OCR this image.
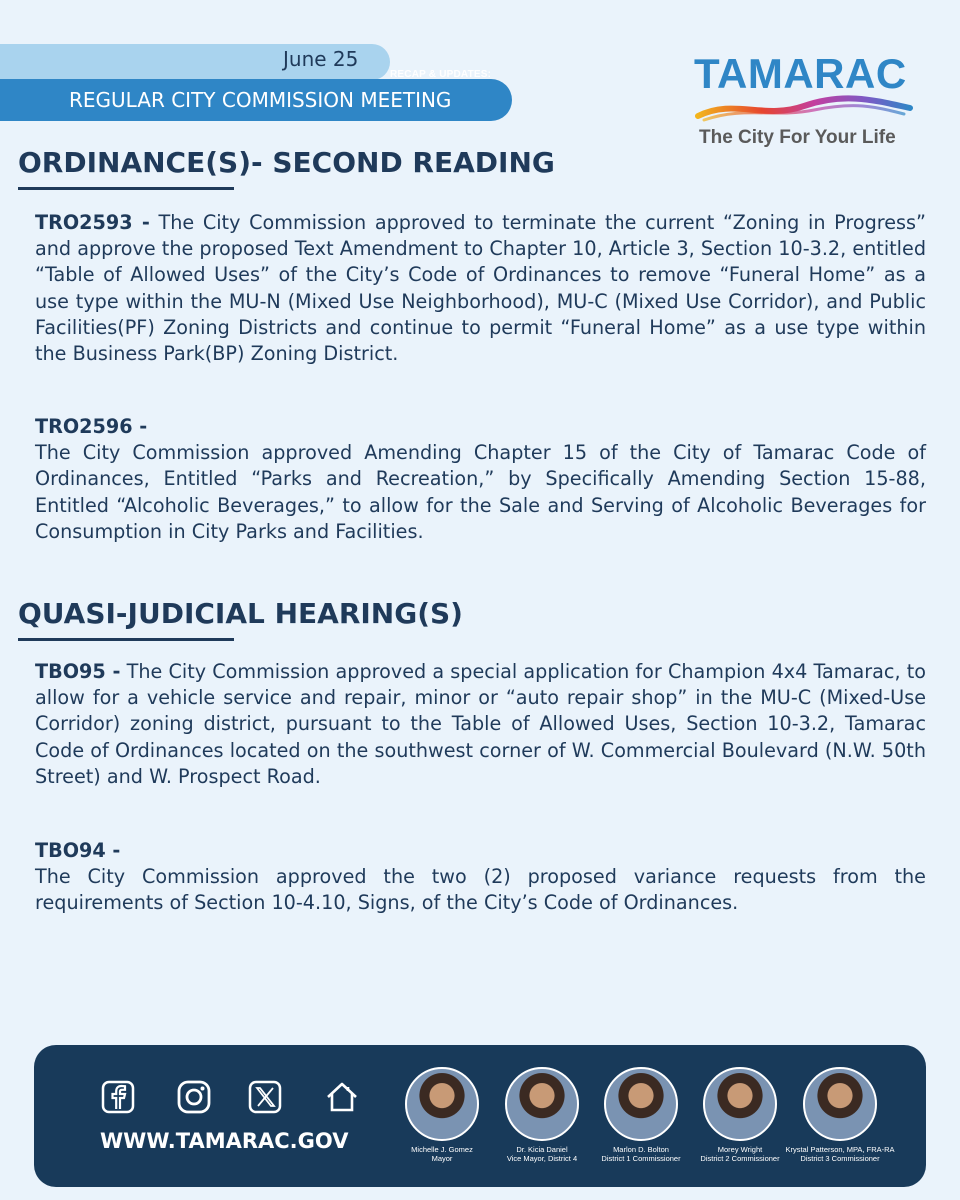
June 25
RECAP & UPDATES:
REGULAR CITY COMMISSION MEETING
TAMARAC
The City For Your Life
ORDINANCE(S)- SECOND READING
TRO2593 - The City Commission approved to terminate the current “Zoning in Progress” and approve the proposed Text Amendment to Chapter 10, Article 3, Section 10-3.2, entitled “Table of Allowed Uses” of the City’s Code of Ordinances to remove “Funeral Home” as a use type within the MU-N (Mixed Use Neighborhood), MU-C (Mixed Use Corridor), and Public Facilities(PF) Zoning Districts and continue to permit “Funeral Home” as a use type within the Business Park(BP) Zoning District.
TRO2596 -
The City Commission approved Amending Chapter 15 of the City of Tamarac Code of Ordinances, Entitled “Parks and Recreation,” by Specifically Amending Section 15-88, Entitled “Alcoholic Beverages,” to allow for the Sale and Serving of Alcoholic Beverages for Consumption in City Parks and Facilities.
QUASI-JUDICIAL HEARING(S)
TBO95 - The City Commission approved a special application for Champion 4x4 Tamarac, to allow for a vehicle service and repair, minor or “auto repair shop” in the MU-C (Mixed-Use Corridor) zoning district, pursuant to the Table of Allowed Uses, Section 10-3.2, Tamarac Code of Ordinances located on the southwest corner of W. Commercial Boulevard (N.W. 50th Street) and W. Prospect Road.
TBO94 -
The City Commission approved the two (2) proposed variance requests from the requirements of Section 10-4.10, Signs, of the City’s Code of Ordinances.
WWW.TAMARAC.GOV	Michelle J. Gomez
Mayor
Dr. Kicia Daniel
Vice Mayor, District 4
Marlon D. Bolton
District 1 Commissioner
Morey Wright
District 2 Commissioner
Krystal Patterson, MPA, FRA-RA
District 3 Commissioner
